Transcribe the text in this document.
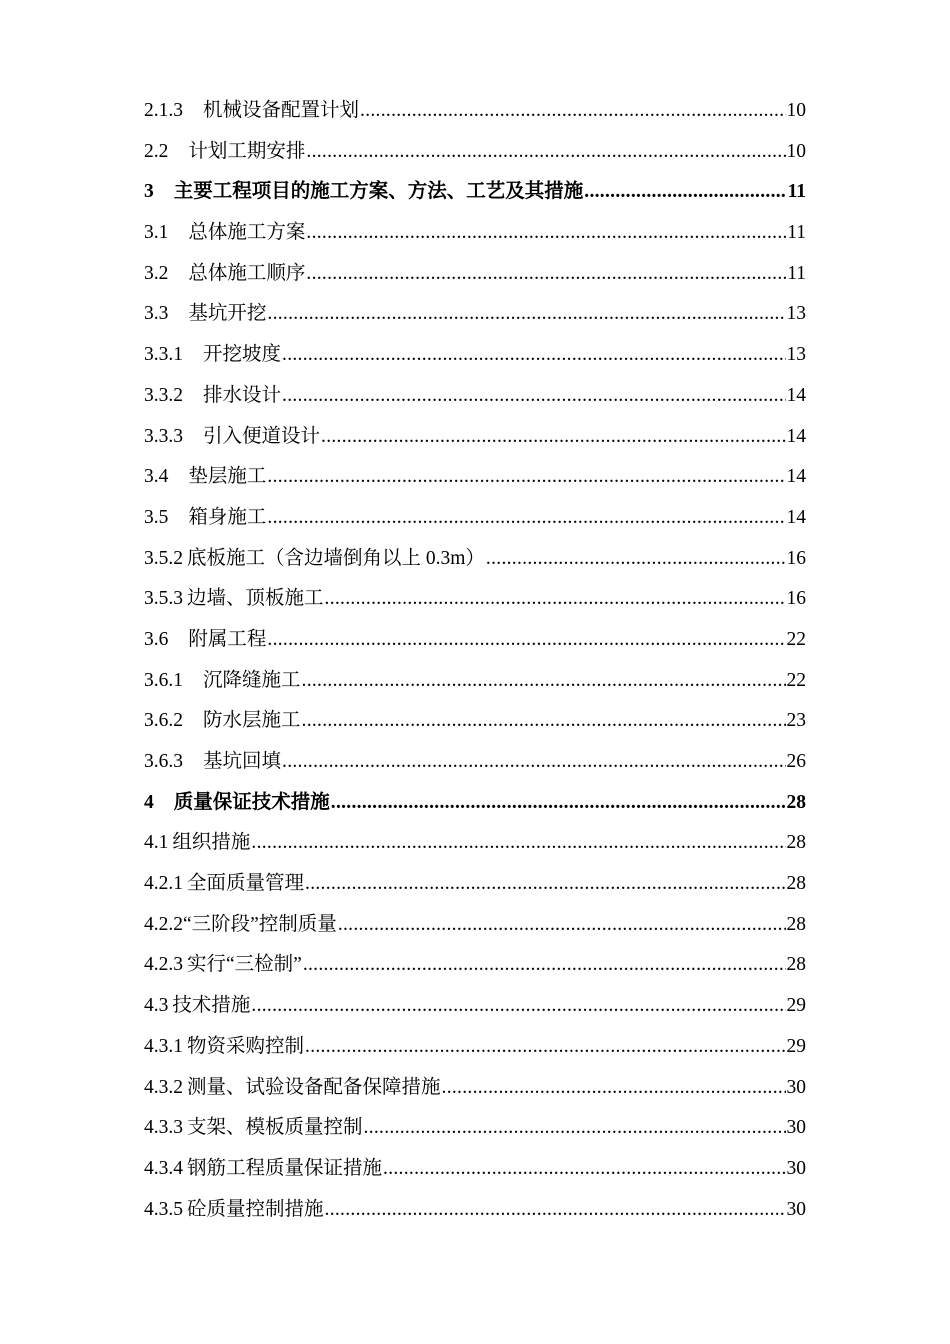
2.1.3 机械设备配置计划 .....	10
2.2 计划工期安排 .....	10
3 主要工程项目的施工方案、方法、工艺及其措施 .....	11
3.1 总体施工方案 .....	11
3.2 总体施工顺序 .....	11
3.3 基坑开挖 .....	13
3.3.1 开挖坡度 .....	13
3.3.2 排水设计 .....	14
3.3.3 引入便道设计 .....	14
3.4 垫层施工 .....	14
3.5 箱身施工 .....	14
3.5.2 底板施工（含边墙倒角以上 0.3m） .....	16
3.5.3 边墙、顶板施工 .....	16
3.6 附属工程 .....	22
3.6.1 沉降缝施工 .....	22
3.6.2 防水层施工 .....	23
3.6.3 基坑回填 .....	26
4 质量保证技术措施 .....	28
4.1 组织措施 .....	28
4.2.1 全面质量管理 .....	28
4.2.2 “三阶段”控制质量 .....	28
4.2.3 实行“三检制” .....	28
4.3 技术措施 .....	29
4.3.1 物资采购控制 .....	29
4.3.2 测量、试验设备配备保障措施 .....	30
4.3.3 支架、模板质量控制 .....	30
4.3.4 钢筋工程质量保证措施 .....	30
4.3.5 砼质量控制措施 .....	30
